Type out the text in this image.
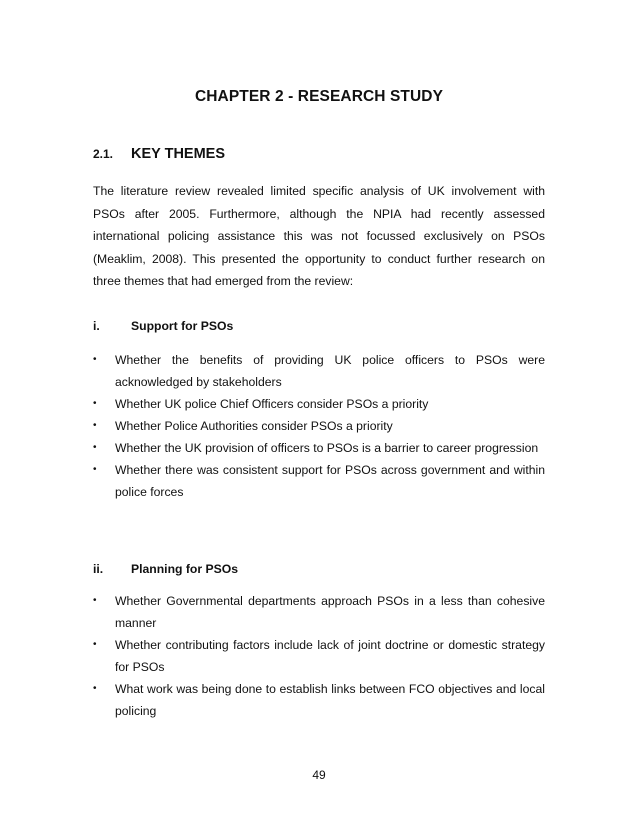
CHAPTER 2 - RESEARCH STUDY
2.1.	KEY THEMES

The literature review revealed limited specific analysis of UK involvement with PSOs after 2005. Furthermore, although the NPIA had recently assessed international policing assistance this was not focussed exclusively on PSOs (Meaklim, 2008). This presented the opportunity to conduct further research on three themes that had emerged from the review:

i.	Support for PSOs
• Whether the benefits of providing UK police officers to PSOs were acknowledged by stakeholders
• Whether UK police Chief Officers consider PSOs a priority
• Whether Police Authorities consider PSOs a priority
• Whether the UK provision of officers to PSOs is a barrier to career progression
• Whether there was consistent support for PSOs across government and within police forces
ii.	Planning for PSOs
• Whether Governmental departments approach PSOs in a less than cohesive manner
• Whether contributing factors include lack of joint doctrine or domestic strategy for PSOs
• What work was being done to establish links between FCO objectives and local policing
49
